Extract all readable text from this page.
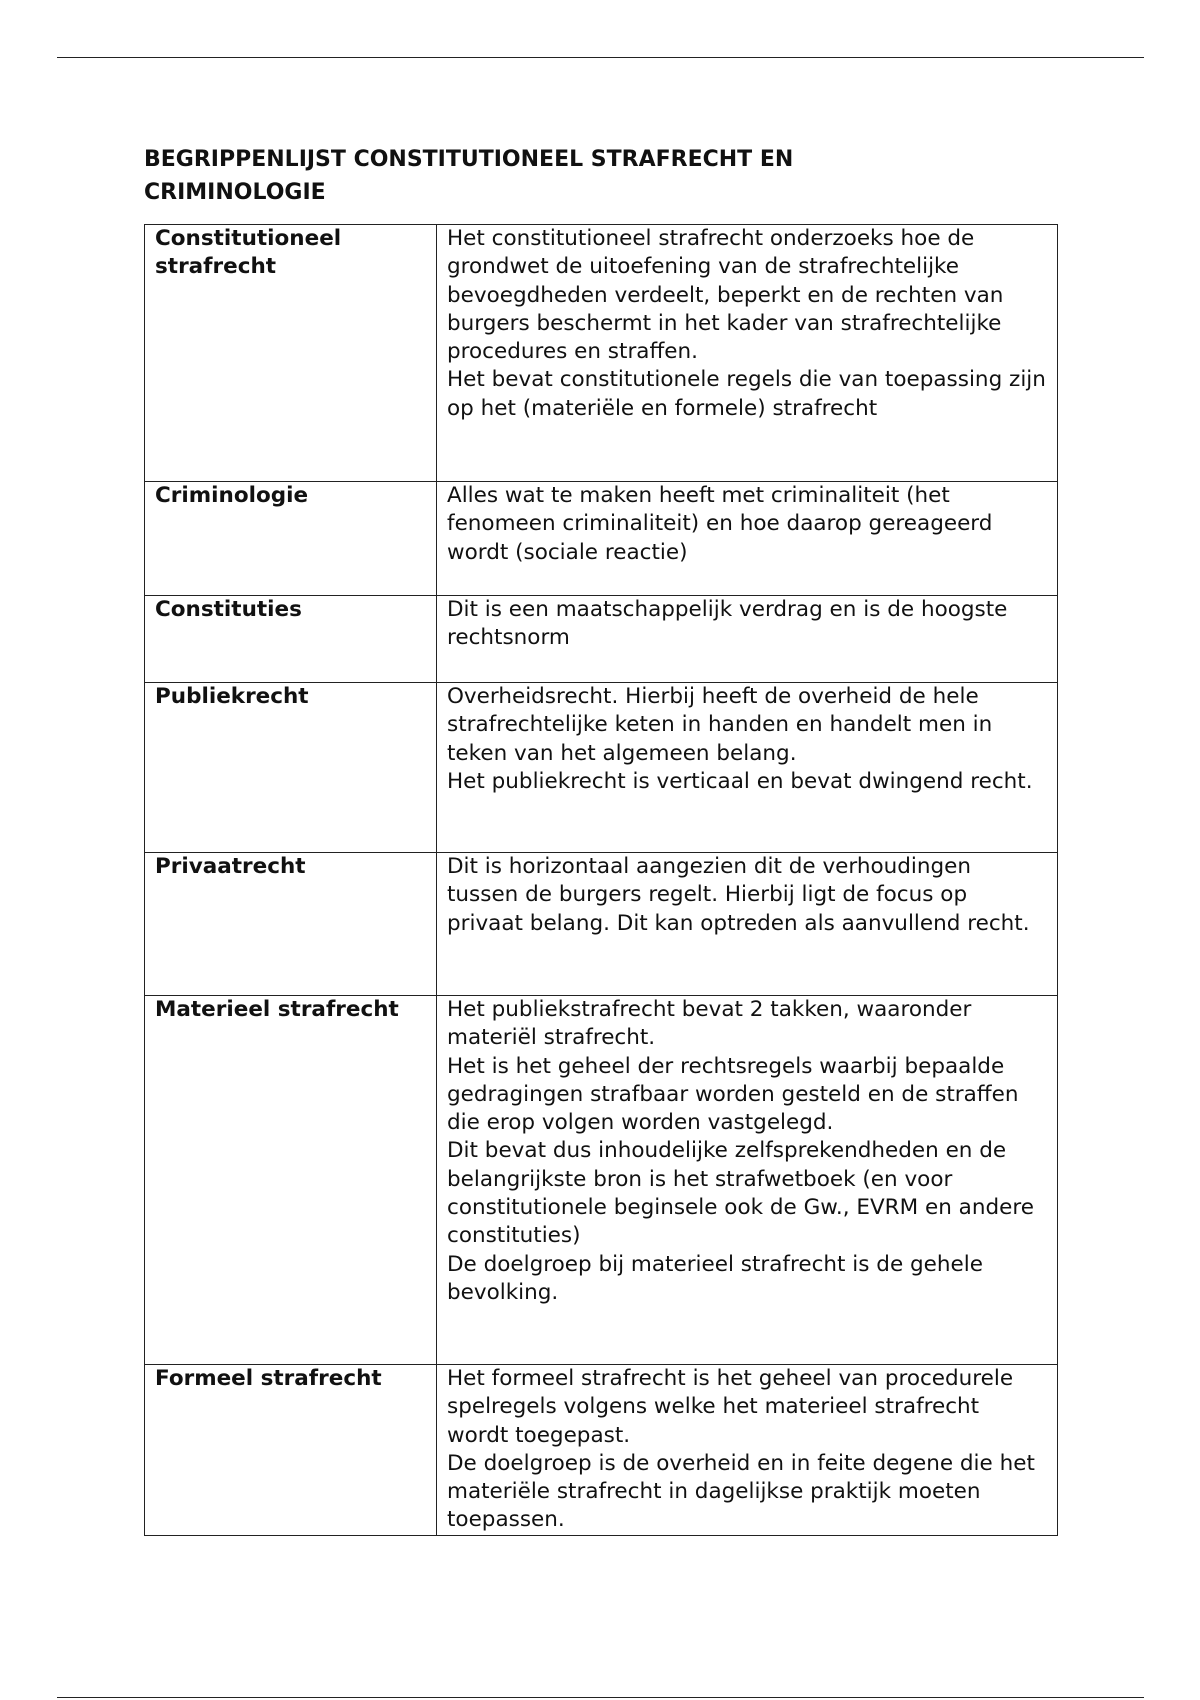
BEGRIPPENLIJST CONSTITUTIONEEL STRAFRECHT EN
CRIMINOLOGIE
Constitutioneel strafrecht	Het constitutioneel strafrecht onderzoeks hoe de grondwet de uitoefening van de strafrechtelijke bevoegdheden verdeelt, beperkt en de rechten van burgers beschermt in het kader van strafrechtelijke procedures en straffen.
Het bevat constitutionele regels die van toepassing zijn op het (materiële en formele) strafrecht

Criminologie	Alles wat te maken heeft met criminaliteit (het fenomeen criminaliteit) en hoe daarop gereageerd wordt (sociale reactie)

Constituties	Dit is een maatschappelijk verdrag en is de hoogste rechtsnorm

Publiekrecht	Overheidsrecht. Hierbij heeft de overheid de hele strafrechtelijke keten in handen en handelt men in teken van het algemeen belang.
Het publiekrecht is verticaal en bevat dwingend recht.

Privaatrecht	Dit is horizontaal aangezien dit de verhoudingen tussen de burgers regelt. Hierbij ligt de focus op privaat belang. Dit kan optreden als aanvullend recht.

Materieel strafrecht	Het publiekstrafrecht bevat 2 takken, waaronder materiël strafrecht.
Het is het geheel der rechtsregels waarbij bepaalde gedragingen strafbaar worden gesteld en de straffen die erop volgen worden vastgelegd.
Dit bevat dus inhoudelijke zelfsprekendheden en de belangrijkste bron is het strafwetboek (en voor constitutionele beginsele ook de Gw., EVRM en andere constituties)
De doelgroep bij materieel strafrecht is de gehele bevolking.

Formeel strafrecht	Het formeel strafrecht is het geheel van procedurele spelregels volgens welke het materieel strafrecht wordt toegepast.
De doelgroep is de overheid en in feite degene die het materiële strafrecht in dagelijkse praktijk moeten toepassen.
